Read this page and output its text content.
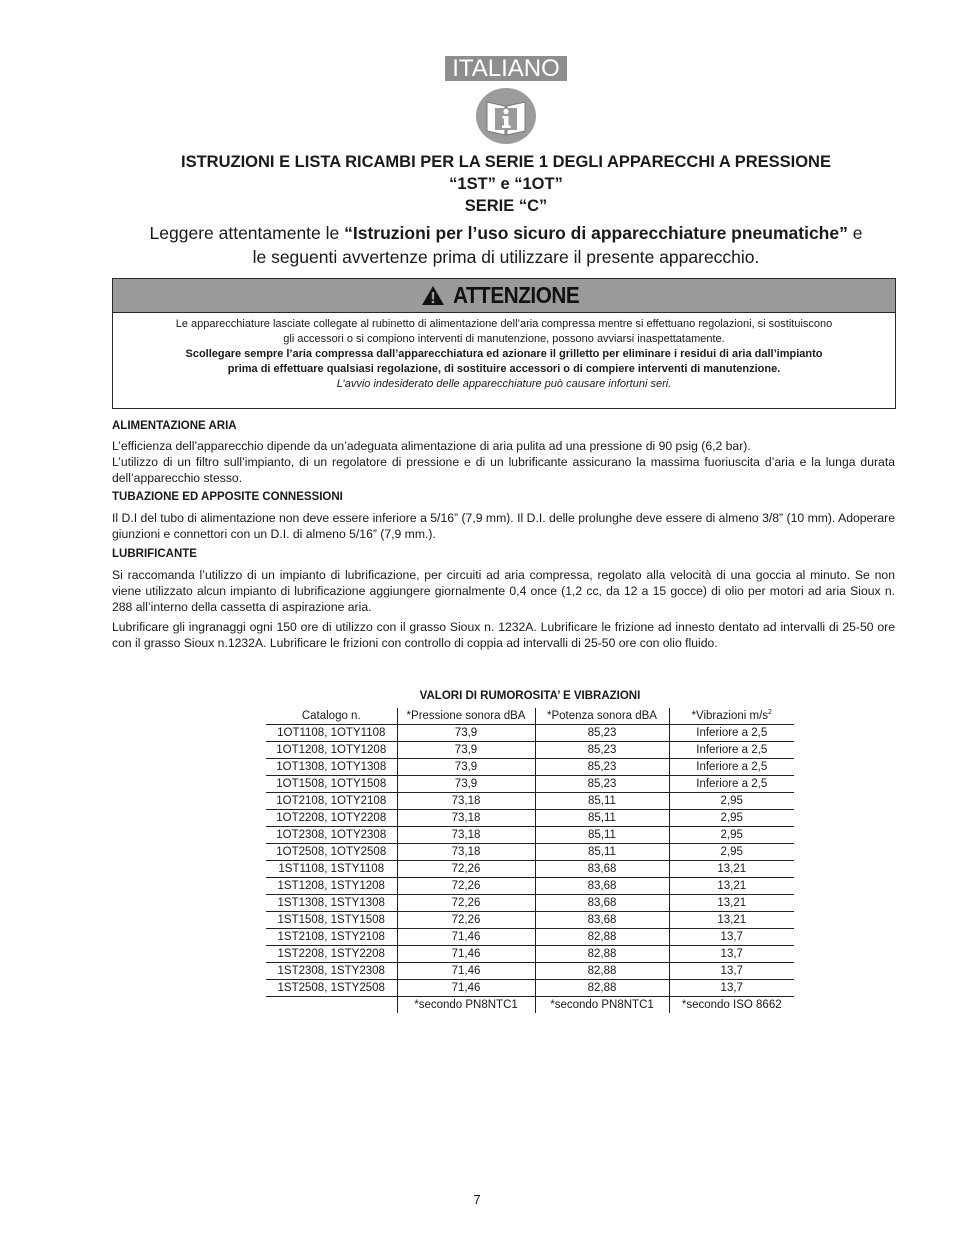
ITALIANO
ISTRUZIONI E LISTA RICAMBI PER LA SERIE 1 DEGLI APPARECCHI A PRESSIONE
“1ST” e “1OT”
SERIE “C”
Leggere attentamente le “Istruzioni per l’uso sicuro di apparecchiature pneumatiche” e
le seguenti avvertenze prima di utilizzare il presente apparecchio.
ATTENZIONE
Le apparecchiature lasciate collegate al rubinetto di alimentazione dell’aria compressa mentre si effettuano regolazioni, si sostituiscono
gli accessori o si compiono interventi di manutenzione, possono avviarsi inaspettatamente.
Scollegare sempre l’aria compressa dall’apparecchiatura ed azionare il grilletto per eliminare i residui di aria dall’impianto
prima di effettuare qualsiasi regolazione, di sostituire accessori o di compiere interventi di manutenzione.
L’avvio indesiderato delle apparecchiature può causare infortuni seri.
ALIMENTAZIONE ARIA

L’efficienza dell’apparecchio dipende da un’adeguata alimentazione di aria pulita ad una pressione di 90 psig (6,2 bar).

L’utilizzo di un filtro sull’impianto, di un regolatore di pressione e di un lubrificante assicurano la massima fuoriuscita d’aria e la lunga durata dell’apparecchio stesso.

TUBAZIONE ED APPOSITE CONNESSIONI

Il D.I del tubo di alimentazione non deve essere inferiore a 5/16” (7,9 mm). Il D.I. delle prolunghe deve essere di almeno 3/8” (10 mm). Adoperare giunzioni e connettori con un D.I. di almeno 5/16” (7,9 mm.).

LUBRIFICANTE

Si raccomanda l’utilizzo di un impianto di lubrificazione, per circuiti ad aria compressa, regolato alla velocità di una goccia al minuto. Se non viene utilizzato alcun impianto di lubrificazione aggiungere giornalmente 0,4 once (1,2 cc, da 12 a 15 gocce) di olio per motori ad aria Sioux n. 288 all’interno della cassetta di aspirazione aria.

Lubrificare gli ingranaggi ogni 150 ore di utilizzo con il grasso Sioux n. 1232A. Lubrificare le frizione ad innesto dentato ad intervalli di 25-50 ore con il grasso Sioux n.1232A. Lubrificare le frizioni con controllo di coppia ad intervalli di 25-50 ore con olio fluido.

VALORI DI RUMOROSITA’ E VIBRAZIONI
Catalogo n.	*Pressione sonora dBA	*Potenza sonora dBA	*Vibrazioni $m/s^2$
1OT1108, 1OTY1108	73,9	85,23	Inferiore a 2,5
1OT1208, 1OTY1208	73,9	85,23	Inferiore a 2,5
1OT1308, 1OTY1308	73,9	85,23	Inferiore a 2,5
1OT1508, 1OTY1508	73,9	85,23	Inferiore a 2,5
1OT2108, 1OTY2108	73,18	85,11	2,95
1OT2208, 1OTY2208	73,18	85,11	2,95
1OT2308, 1OTY2308	73,18	85,11	2,95
1OT2508, 1OTY2508	73,18	85,11	2,95
1ST1108, 1STY1108	72,26	83,68	13,21
1ST1208, 1STY1208	72,26	83,68	13,21
1ST1308, 1STY1308	72,26	83,68	13,21
1ST1508, 1STY1508	72,26	83,68	13,21
1ST2108, 1STY2108	71,46	82,88	13,7
1ST2208, 1STY2208	71,46	82,88	13,7
1ST2308, 1STY2308	71,46	82,88	13,7
1ST2508, 1STY2508	71,46	82,88	13,7
	*secondo PN8NTC1	*secondo PN8NTC1	*secondo ISO 8662
7
